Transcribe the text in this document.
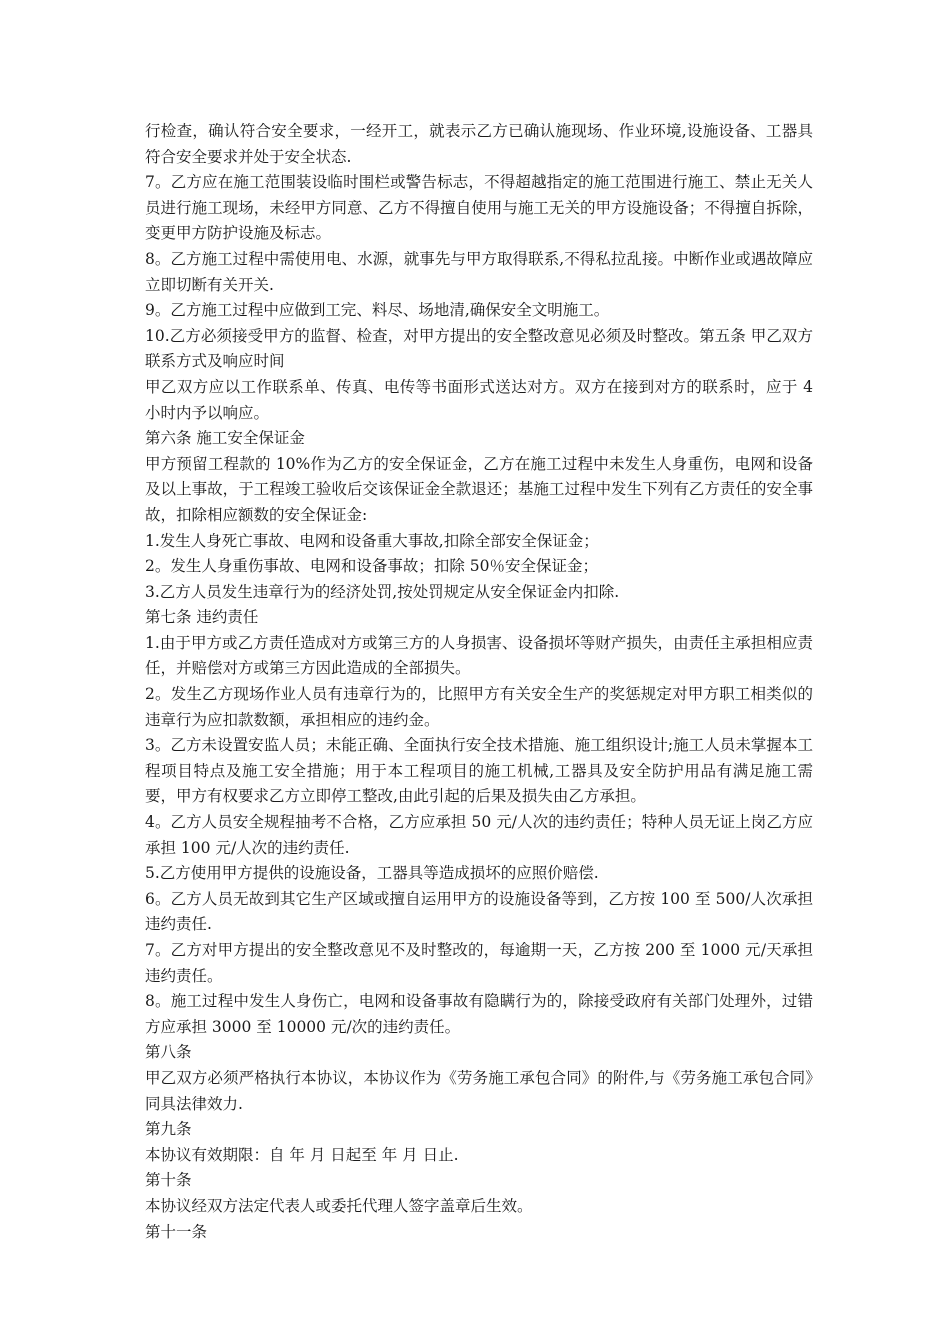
行检查，确认符合安全要求，一经开工，就表示乙方已确认施现场、作业环境,设施设备、工器具符合安全要求并处于安全状态.

7。乙方应在施工范围装设临时围栏或警告标志，不得超越指定的施工范围进行施工、禁止无关人员进行施工现场，未经甲方同意、乙方不得擅自使用与施工无关的甲方设施设备；不得擅自拆除，变更甲方防护设施及标志。

8。乙方施工过程中需使用电、水源，就事先与甲方取得联系,不得私拉乱接。中断作业或遇故障应立即切断有关开关.

9。乙方施工过程中应做到工完、料尽、场地清,确保安全文明施工。

10.乙方必须接受甲方的监督、检查，对甲方提出的安全整改意见必须及时整改。第五条 甲乙双方联系方式及响应时间

甲乙双方应以工作联系单、传真、电传等书面形式送达对方。双方在接到对方的联系时，应于 4 小时内予以响应。

第六条 施工安全保证金

甲方预留工程款的 10%作为乙方的安全保证金，乙方在施工过程中未发生人身重伤，电网和设备及以上事故，于工程竣工验收后交该保证金全款退还；基施工过程中发生下列有乙方责任的安全事故，扣除相应额数的安全保证金:

1.发生人身死亡事故、电网和设备重大事故,扣除全部安全保证金；

2。发生人身重伤事故、电网和设备事故；扣除 50％安全保证金；

3.乙方人员发生违章行为的经济处罚,按处罚规定从安全保证金内扣除.

第七条 违约责任

1.由于甲方或乙方责任造成对方或第三方的人身损害、设备损坏等财产损失，由责任主承担相应责任，并赔偿对方或第三方因此造成的全部损失。

2。发生乙方现场作业人员有违章行为的，比照甲方有关安全生产的奖惩规定对甲方职工相类似的违章行为应扣款数额，承担相应的违约金。

3。乙方未设置安监人员；未能正确、全面执行安全技术措施、施工组织设计;施工人员未掌握本工程项目特点及施工安全措施；用于本工程项目的施工机械,工器具及安全防护用品有满足施工需要，甲方有权要求乙方立即停工整改,由此引起的后果及损失由乙方承担。

4。乙方人员安全规程抽考不合格，乙方应承担 50 元/人次的违约责任；特种人员无证上岗乙方应承担 100 元/人次的违约责任.

5.乙方使用甲方提供的设施设备，工器具等造成损坏的应照价赔偿.

6。乙方人员无故到其它生产区域或擅自运用甲方的设施设备等到，乙方按 100 至 500/人次承担违约责任.

7。乙方对甲方提出的安全整改意见不及时整改的，每逾期一天，乙方按 200 至 1000 元/天承担违约责任。

8。施工过程中发生人身伤亡，电网和设备事故有隐瞒行为的，除接受政府有关部门处理外，过错方应承担 3000 至 10000 元/次的违约责任。

第八条

甲乙双方必须严格执行本协议，本协议作为《劳务施工承包合同》的附件,与《劳务施工承包合同》同具法律效力.

第九条

本协议有效期限：自 年 月 日起至 年 月 日止.

第十条

本协议经双方法定代表人或委托代理人签字盖章后生效。

第十一条
